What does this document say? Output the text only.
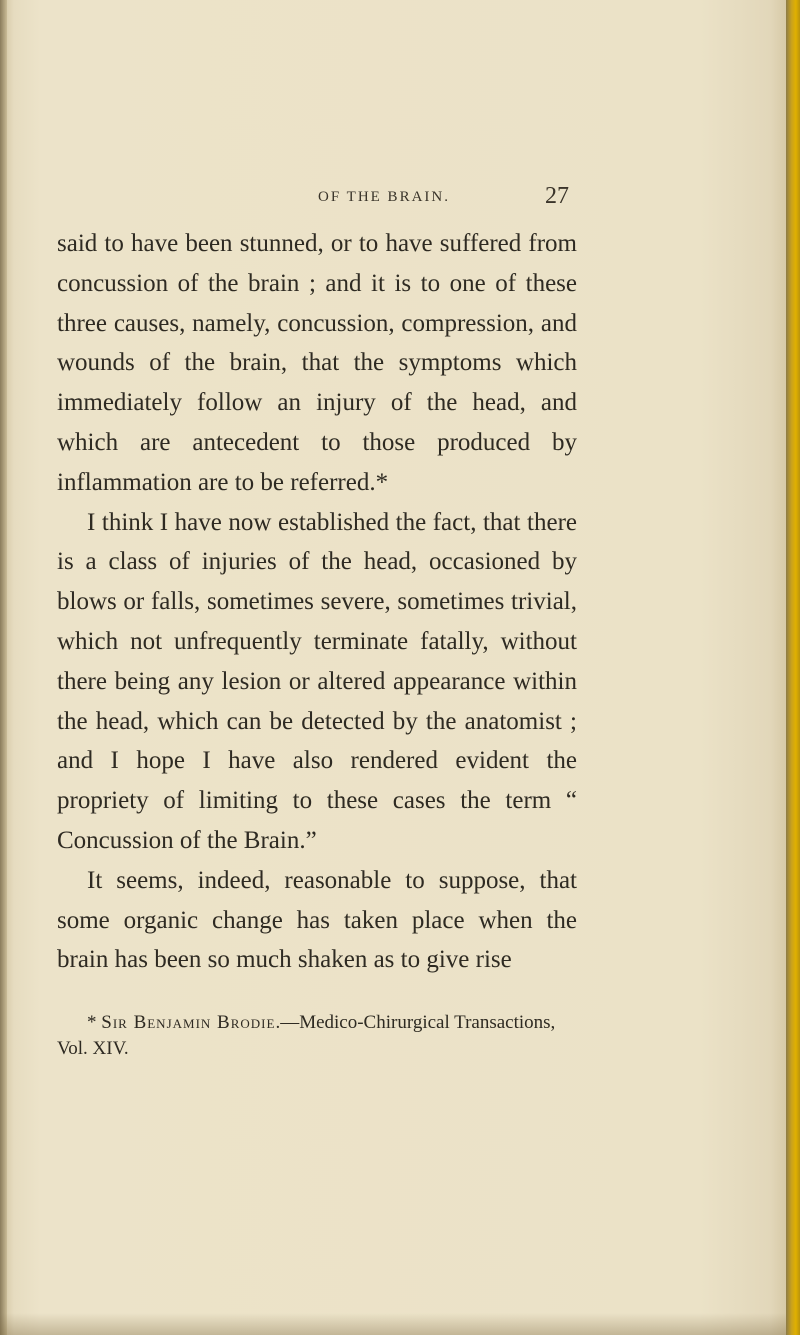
OF THE BRAIN.	27

said to have been stunned, or to have suffered from concussion of the brain ; and it is to one of these three causes, namely, concussion, compression, and wounds of the brain, that the symptoms which immediately follow an injury of the head, and which are antecedent to those produced by inflammation are to be referred.*

I think I have now established the fact, that there is a class of injuries of the head, occasioned by blows or falls, sometimes severe, sometimes trivial, which not unfrequently terminate fatally, without there being any lesion or altered appearance within the head, which can be detected by the anatomist ; and I hope I have also rendered evident the propriety of limiting to these cases the term “ Concussion of the Brain.”

It seems, indeed, reasonable to suppose, that some organic change has taken place when the brain has been so much shaken as to give rise

* Sir Benjamin Brodie.—Medico-Chirurgical Transactions, Vol. XIV.
